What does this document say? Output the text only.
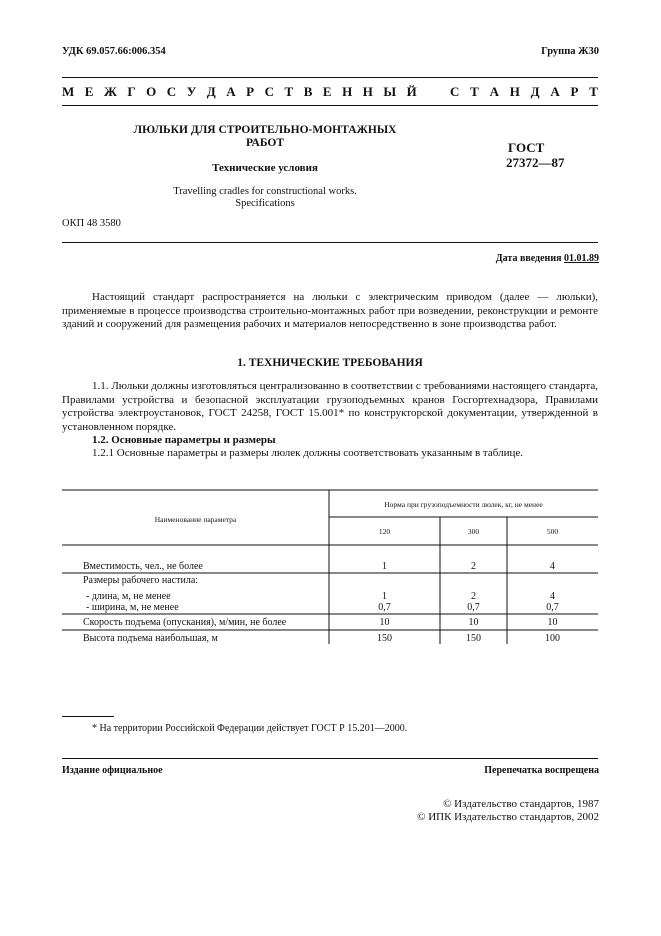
УДК 69.057.66:006.354	Группа Ж30
М Е Ж Г О С У Д А Р С Т В Е Н Н Ы Й	С Т А Н Д А Р Т
ЛЮЛЬКИ ДЛЯ СТРОИТЕЛЬНО-МОНТАЖНЫХ
РАБОТ
Технические условия
Travelling cradles for constructional works.
Specifications
ГОСТ
27372—87
ОКП 48 3580
Дата введения 01.01.89
Настоящий стандарт распространяется на люльки с электрическим приводом (далее — люльки), применяемые в процессе производства строительно-монтажных работ при возведении, реконструкции и ремонте зданий и сооружений для размещения рабочих и материалов непосредственно в зоне производства работ.
1. ТЕХНИЧЕСКИЕ ТРЕБОВАНИЯ
1.1. Люльки должны изготовляться централизованно в соответствии с требованиями настоящего стандарта, Правилами устройства и безопасной эксплуатации грузоподъемных кранов Госгортехнадзора, Правилами устройства электроустановок, ГОСТ 24258, ГОСТ 15.001* по конструкторской документации, утвержденной в установленном порядке.
1.2. Основные параметры и размеры
1.2.1 Основные параметры и размеры люлек должны соответствовать указанным в таблице.
Наименование параметра
Норма при грузоподъемности люлек, кг, не менее
120	300	500
Вместимость, чел., не более	1	2	4
Размеры рабочего настила:
- длина, м, не менее	1	2	4
- ширина, м, не менее	0,7	0,7	0,7
Скорость подъема (опускания), м/мин, не более	10	10	10
Высота подъема наибольшая, м	150	150	100
* На территории Российской Федерации действует ГОСТ Р 15.201—2000.
Издание официальное	Перепечатка воспрещена
© Издательство стандартов, 1987
© ИПК Издательство стандартов, 2002
